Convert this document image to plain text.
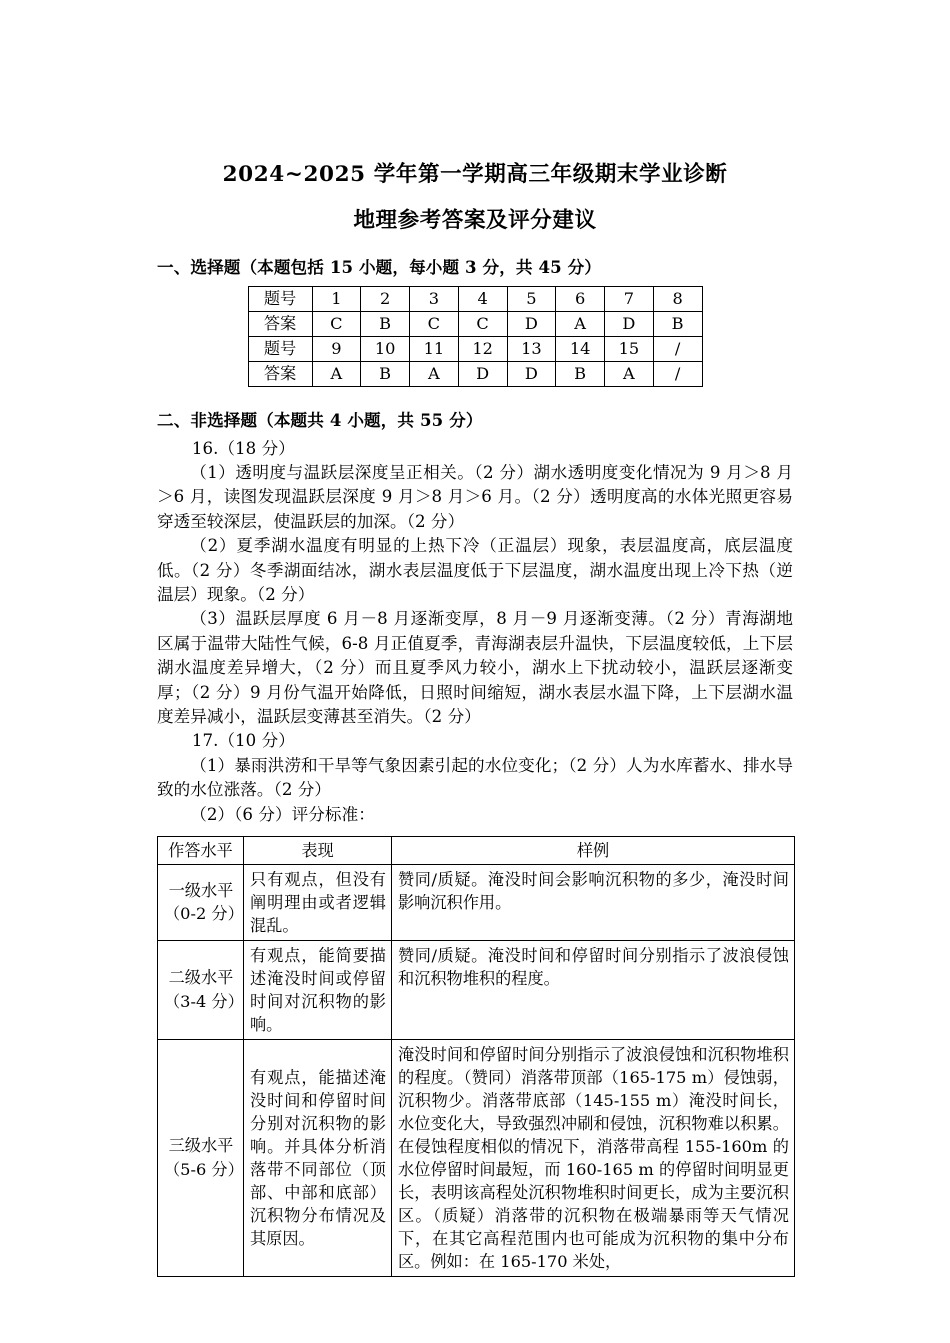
2024~2025 学年第一学期高三年级期末学业诊断
地理参考答案及评分建议
一、选择题（本题包括 15 小题，每小题 3 分，共 45 分）
题号	1	2	3	4	5	6	7	8
答案	C	B	C	C	D	A	D	B
题号	9	10	11	12	13	14	15	/
答案	A	B	A	D	D	B	A	/
二、非选择题（本题共 4 小题，共 55 分）

16.（18 分）

（1）透明度与温跃层深度呈正相关。（2 分）湖水透明度变化情况为 9 月＞8 月＞6 月，读图发现温跃层深度 9 月＞8 月＞6 月。（2 分）透明度高的水体光照更容易穿透至较深层，使温跃层的加深。（2 分）

（2）夏季湖水温度有明显的上热下冷（正温层）现象，表层温度高，底层温度低。（2 分）冬季湖面结冰，湖水表层温度低于下层温度，湖水温度出现上冷下热（逆温层）现象。（2 分）

（3）温跃层厚度 6 月－8 月逐渐变厚，8 月－9 月逐渐变薄。（2 分）青海湖地区属于温带大陆性气候，6-8 月正值夏季，青海湖表层升温快，下层温度较低，上下层湖水温度差异增大，（2 分）而且夏季风力较小，湖水上下扰动较小，温跃层逐渐变厚；（2 分）9 月份气温开始降低，日照时间缩短，湖水表层水温下降，上下层湖水温度差异减小，温跃层变薄甚至消失。（2 分）

17.（10 分）

（1）暴雨洪涝和干旱等气象因素引起的水位变化；（2 分）人为水库蓄水、排水导致的水位涨落。（2 分）

（2）（6 分）评分标准：

作答水平	表现	样例
一级水平
（0-2 分）	只有观点，但没有阐明理由或者逻辑混乱。	赞同/质疑。淹没时间会影响沉积物的多少，淹没时间影响沉积作用。
二级水平
（3-4 分）	有观点，能简要描述淹没时间或停留时间对沉积物的影响。	赞同/质疑。淹没时间和停留时间分别指示了波浪侵蚀和沉积物堆积的程度。
三级水平
（5-6 分）	有观点，能描述淹没时间和停留时间分别对沉积物的影响。并具体分析消落带不同部位（顶部、中部和底部）沉积物分布情况及其原因。	淹没时间和停留时间分别指示了波浪侵蚀和沉积物堆积的程度。（赞同）消落带顶部（165-175 m）侵蚀弱，沉积物少。消落带底部（145-155 m）淹没时间长，水位变化大，导致强烈冲刷和侵蚀，沉积物难以积累。在侵蚀程度相似的情况下，消落带高程 155-160m 的水位停留时间最短，而 160-165 m 的停留时间明显更长，表明该高程处沉积物堆积时间更长，成为主要沉积区。（质疑）消落带的沉积物在极端暴雨等天气情况下，在其它高程范围内也可能成为沉积物的集中分布区。例如：在 165-170 米处，
